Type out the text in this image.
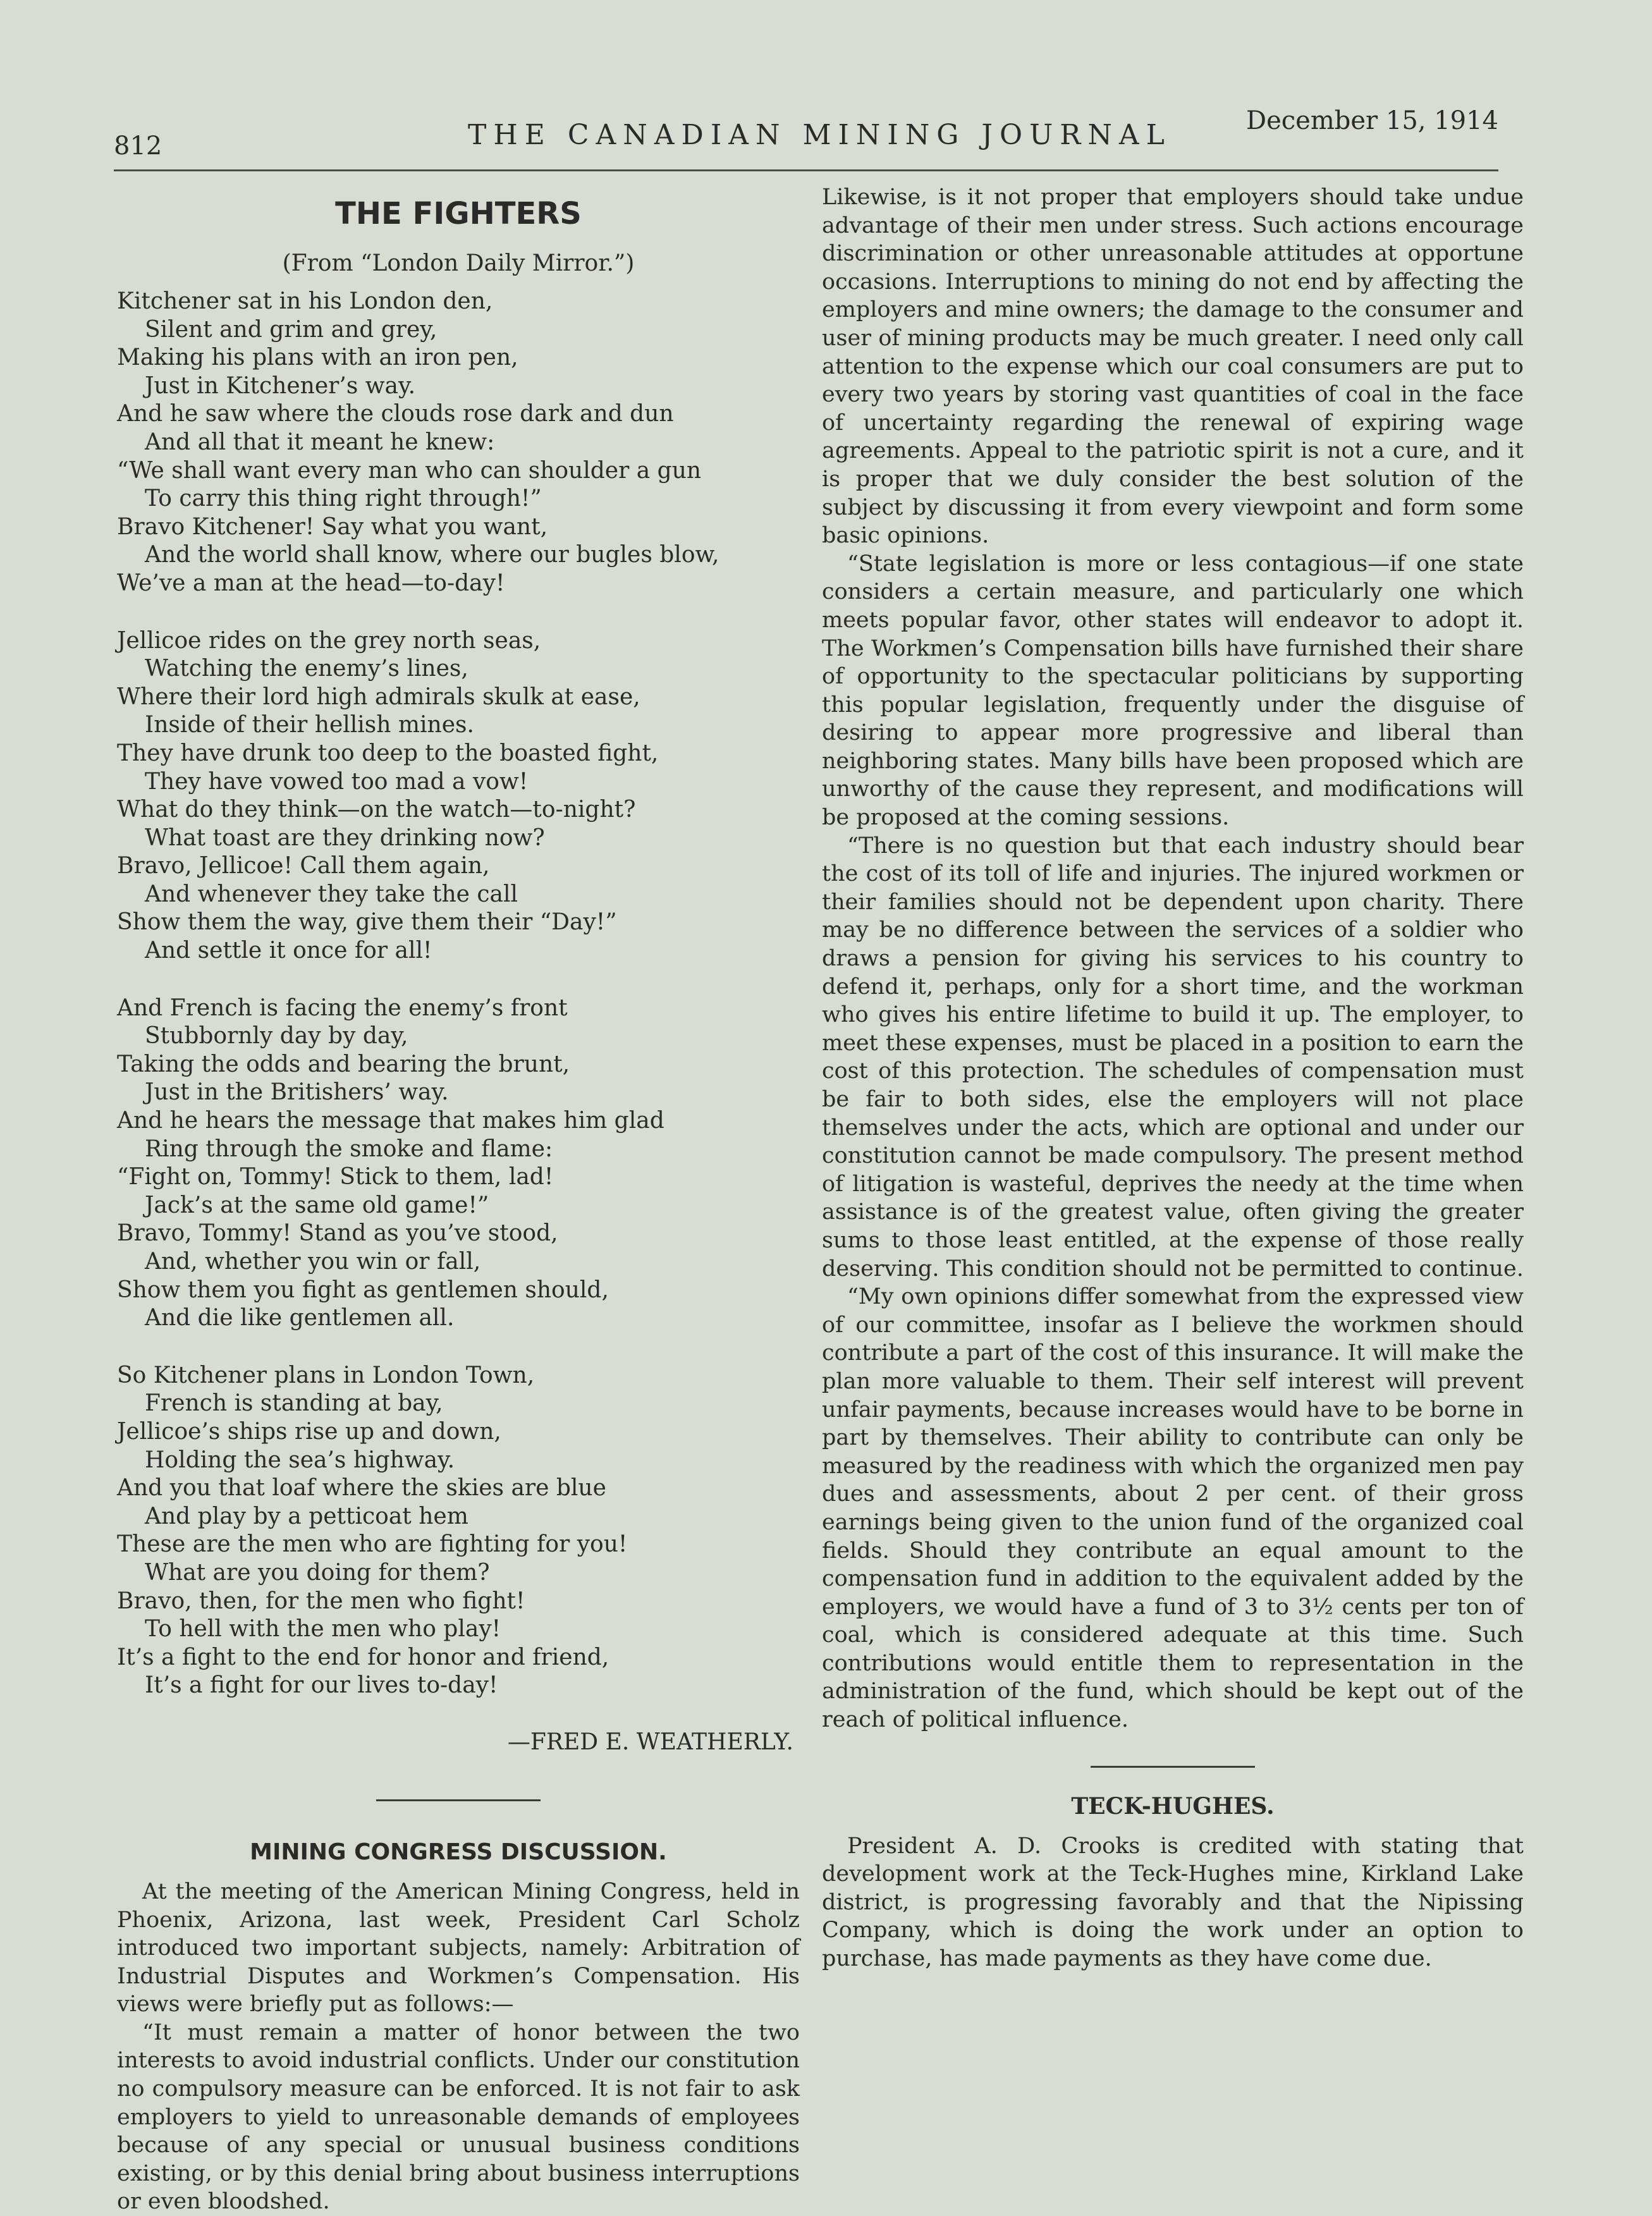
812	THE CANADIAN MINING JOURNAL	December 15, 1914
THE FIGHTERS
(From “London Daily Mirror.”)
Kitchener sat in his London den,
Silent and grim and grey,
Making his plans with an iron pen,
Just in Kitchener’s way.
And he saw where the clouds rose dark and dun
And all that it meant he knew:
“We shall want every man who can shoulder a gun
To carry this thing right through!”
Bravo Kitchener! Say what you want,
And the world shall know, where our bugles blow,
We’ve a man at the head—to-day!
Jellicoe rides on the grey north seas,
Watching the enemy’s lines,
Where their lord high admirals skulk at ease,
Inside of their hellish mines.
They have drunk too deep to the boasted fight,
They have vowed too mad a vow!
What do they think—on the watch—to-night?
What toast are they drinking now?
Bravo, Jellicoe! Call them again,
And whenever they take the call
Show them the way, give them their “Day!”
And settle it once for all!
And French is facing the enemy’s front
Stubbornly day by day,
Taking the odds and bearing the brunt,
Just in the Britishers’ way.
And he hears the message that makes him glad
Ring through the smoke and flame:
“Fight on, Tommy! Stick to them, lad!
Jack’s at the same old game!”
Bravo, Tommy! Stand as you’ve stood,
And, whether you win or fall,
Show them you fight as gentlemen should,
And die like gentlemen all.
So Kitchener plans in London Town,
French is standing at bay,
Jellicoe’s ships rise up and down,
Holding the sea’s highway.
And you that loaf where the skies are blue
And play by a petticoat hem
These are the men who are fighting for you!
What are you doing for them?
Bravo, then, for the men who fight!
To hell with the men who play!
It’s a fight to the end for honor and friend,
It’s a fight for our lives to-day!
—FRED E. WEATHERLY.
MINING CONGRESS DISCUSSION.

At the meeting of the American Mining Congress, held in Phoenix, Arizona, last week, President Carl Scholz introduced two important subjects, namely: Arbitration of Industrial Disputes and Workmen’s Compensation. His views were briefly put as follows:—

“It must remain a matter of honor between the two interests to avoid industrial conflicts. Under our constitution no compulsory measure can be enforced. It is not fair to ask employers to yield to unreasonable demands of employees because of any special or unusual business conditions existing, or by this denial bring about business interruptions or even bloodshed.

Likewise, is it not proper that employers should take undue advantage of their men under stress. Such actions encourage discrimination or other unreasonable attitudes at opportune occasions. Interruptions to mining do not end by affecting the employers and mine owners; the damage to the consumer and user of mining products may be much greater. I need only call attention to the expense which our coal consumers are put to every two years by storing vast quantities of coal in the face of uncertainty regarding the renewal of expiring wage agreements. Appeal to the patriotic spirit is not a cure, and it is proper that we duly consider the best solution of the subject by discussing it from every viewpoint and form some basic opinions.

“State legislation is more or less contagious—if one state considers a certain measure, and particularly one which meets popular favor, other states will endeavor to adopt it. The Workmen’s Compensation bills have furnished their share of opportunity to the spectacular politicians by supporting this popular legislation, frequently under the disguise of desiring to appear more progressive and liberal than neighboring states. Many bills have been proposed which are unworthy of the cause they represent, and modifications will be proposed at the coming sessions.

“There is no question but that each industry should bear the cost of its toll of life and injuries. The injured workmen or their families should not be dependent upon charity. There may be no difference between the services of a soldier who draws a pension for giving his services to his country to defend it, perhaps, only for a short time, and the workman who gives his entire lifetime to build it up. The employer, to meet these expenses, must be placed in a position to earn the cost of this protection. The schedules of compensation must be fair to both sides, else the employers will not place themselves under the acts, which are optional and under our constitution cannot be made compulsory. The present method of litigation is wasteful, deprives the needy at the time when assistance is of the greatest value, often giving the greater sums to those least entitled, at the expense of those really deserving. This condition should not be permitted to continue.

“My own opinions differ somewhat from the expressed view of our committee, insofar as I believe the workmen should contribute a part of the cost of this insurance. It will make the plan more valuable to them. Their self interest will prevent unfair payments, because increases would have to be borne in part by themselves. Their ability to contribute can only be measured by the readiness with which the organized men pay dues and assessments, about 2 per cent. of their gross earnings being given to the union fund of the organized coal fields. Should they contribute an equal amount to the compensation fund in addition to the equivalent added by the employers, we would have a fund of 3 to 3½ cents per ton of coal, which is considered adequate at this time. Such contributions would entitle them to representation in the administration of the fund, which should be kept out of the reach of political influence.

TECK-HUGHES.

President A. D. Crooks is credited with stating that development work at the Teck-Hughes mine, Kirkland Lake district, is progressing favorably and that the Nipissing Company, which is doing the work under an option to purchase, has made payments as they have come due.
